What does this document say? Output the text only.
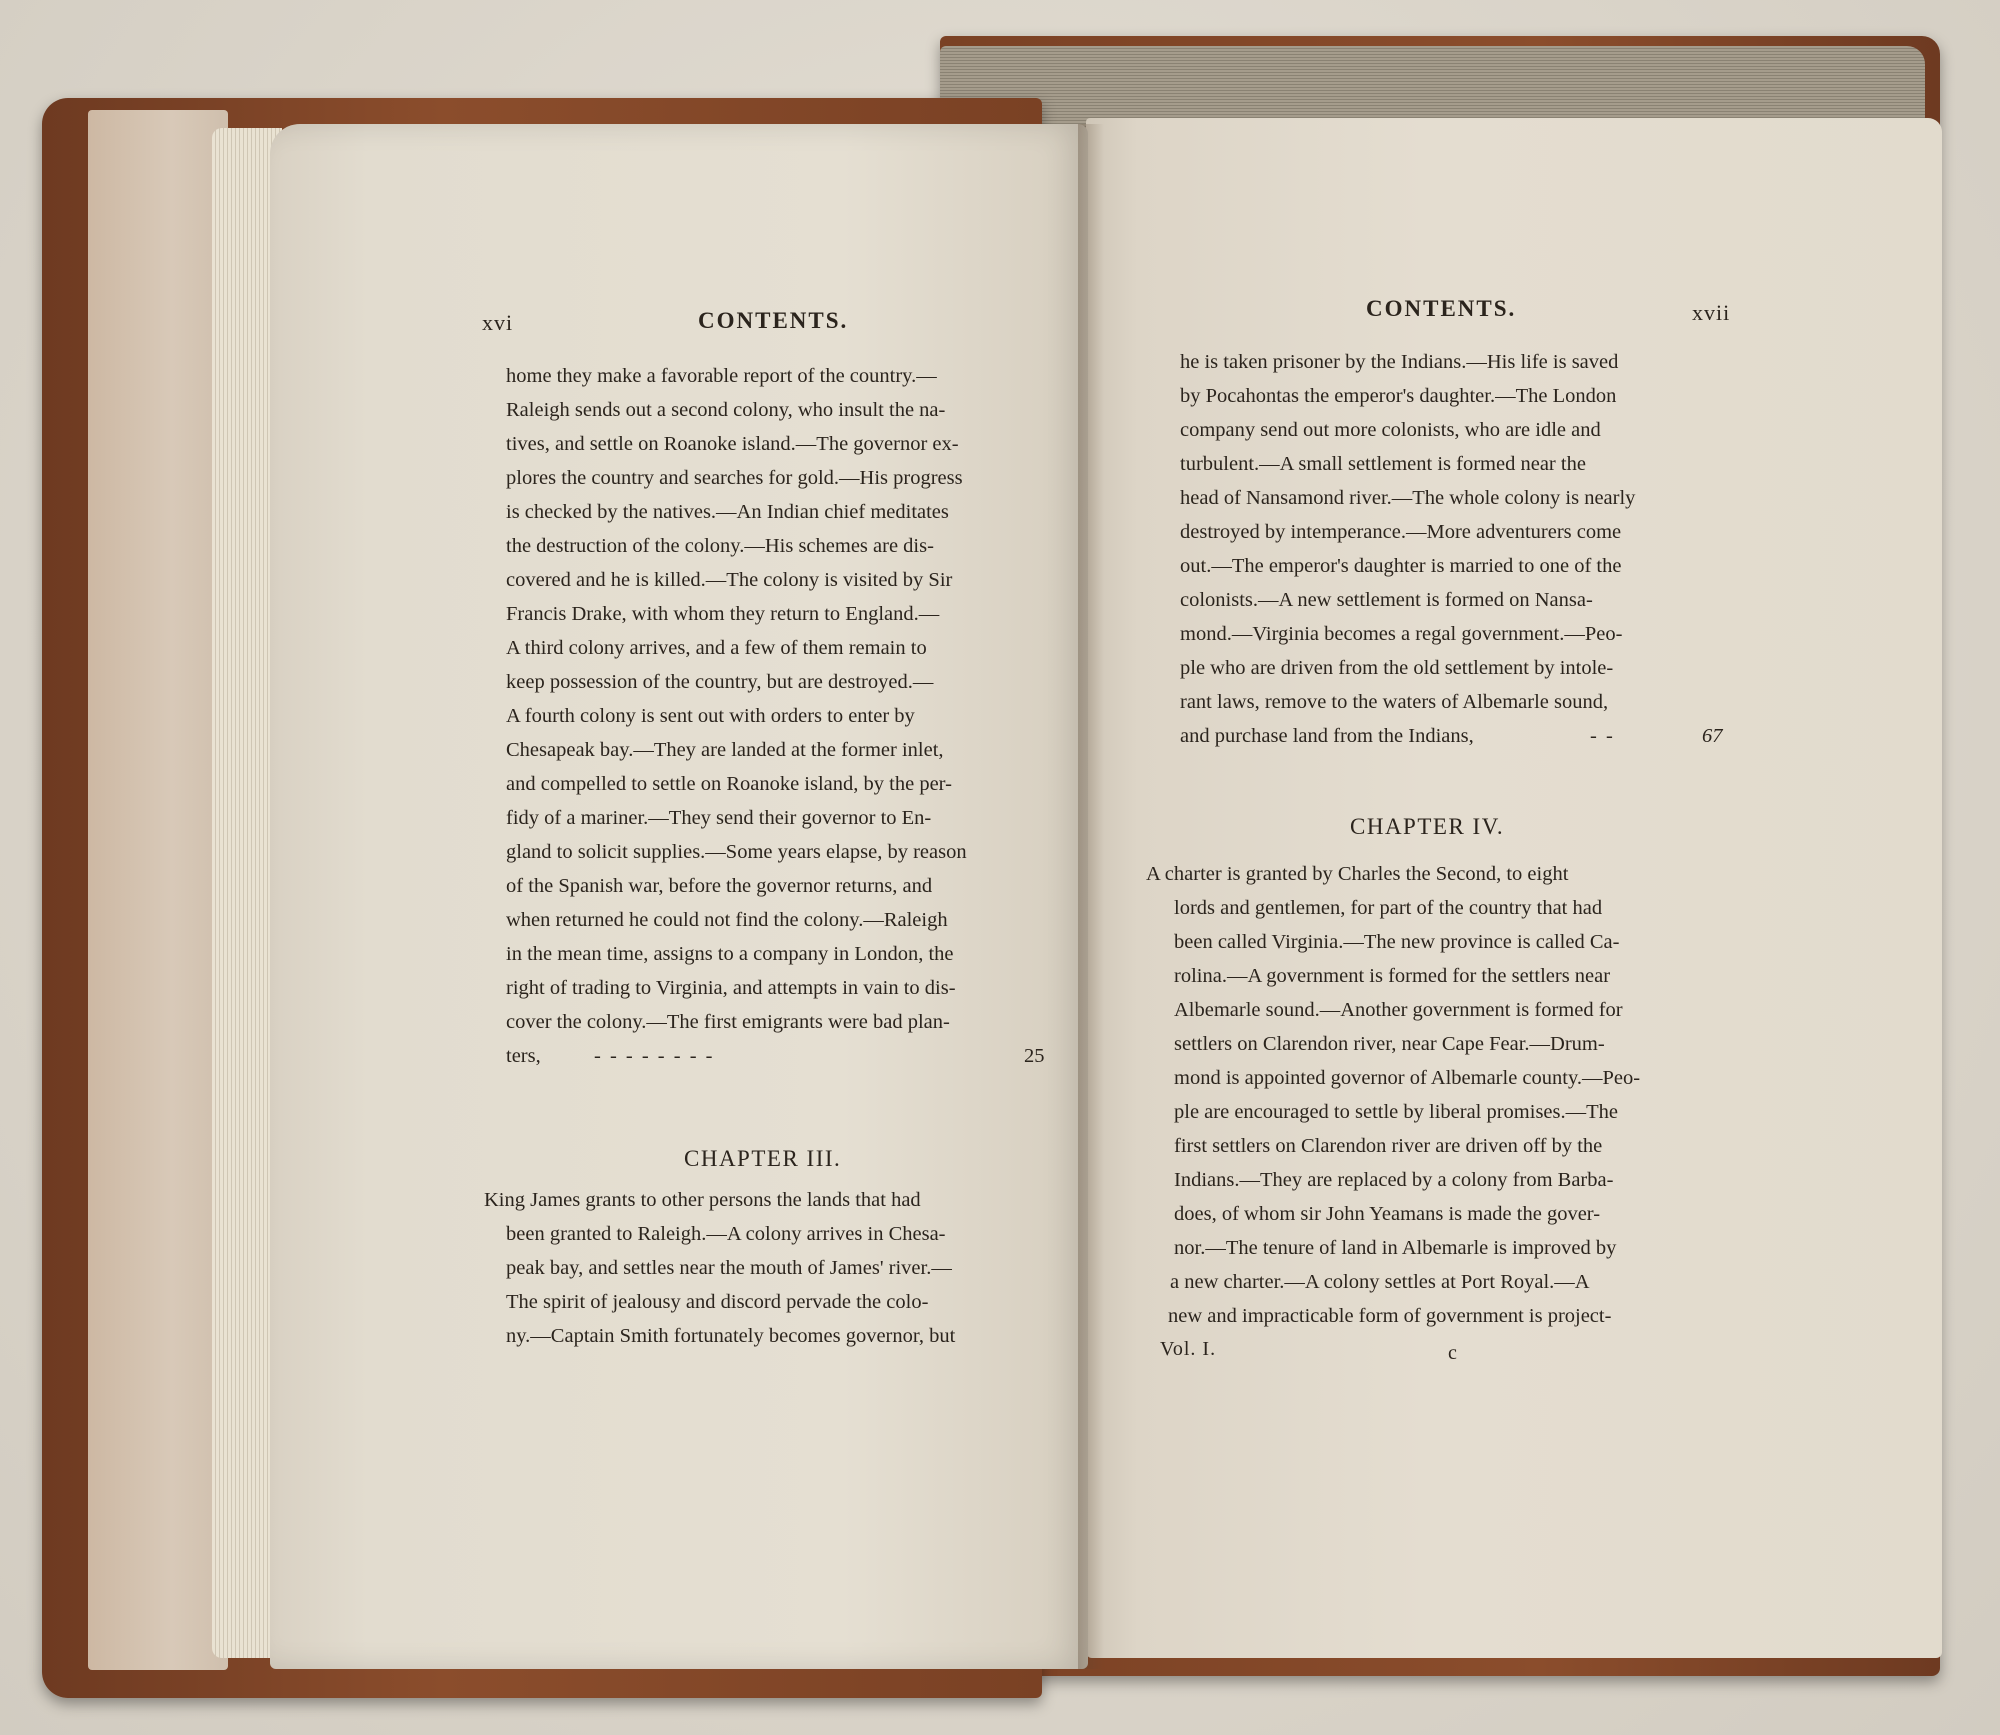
xvi	CONTENTS.
home they make a favorable report of the country.—
Raleigh sends out a second colony, who insult the na-
tives, and settle on Roanoke island.—The governor ex-
plores the country and searches for gold.—His progress
is checked by the natives.—An Indian chief meditates
the destruction of the colony.—His schemes are dis-
covered and he is killed.—The colony is visited by Sir
Francis Drake, with whom they return to England.—
A third colony arrives, and a few of them remain to
keep possession of the country, but are destroyed.—
A fourth colony is sent out with orders to enter by
Chesapeak bay.—They are landed at the former inlet,
and compelled to settle on Roanoke island, by the per-
fidy of a mariner.—They send their governor to En-
gland to solicit supplies.—Some years elapse, by reason
of the Spanish war, before the governor returns, and
when returned he could not find the colony.—Raleigh
in the mean time, assigns to a company in London, the
right of trading to Virginia, and attempts in vain to dis-
cover the colony.—The first emigrants were bad plan-
ters,	- - - - - - - -	25
CHAPTER III.
King James grants to other persons the lands that had
been granted to Raleigh.—A colony arrives in Chesa-
peak bay, and settles near the mouth of James' river.—
The spirit of jealousy and discord pervade the colo-
ny.—Captain Smith fortunately becomes governor, but
CONTENTS.	xvii
he is taken prisoner by the Indians.—His life is saved
by Pocahontas the emperor's daughter.—The London
company send out more colonists, who are idle and
turbulent.—A small settlement is formed near the
head of Nansamond river.—The whole colony is nearly
destroyed by intemperance.—More adventurers come
out.—The emperor's daughter is married to one of the
colonists.—A new settlement is formed on Nansa-
mond.—Virginia becomes a regal government.—Peo-
ple who are driven from the old settlement by intole-
rant laws, remove to the waters of Albemarle sound,
and purchase land from the Indians,	- -	67
CHAPTER IV.
A charter is granted by Charles the Second, to eight
lords and gentlemen, for part of the country that had
been called Virginia.—The new province is called Ca-
rolina.—A government is formed for the settlers near
Albemarle sound.—Another government is formed for
settlers on Clarendon river, near Cape Fear.—Drum-
mond is appointed governor of Albemarle county.—Peo-
ple are encouraged to settle by liberal promises.—The
first settlers on Clarendon river are driven off by the
Indians.—They are replaced by a colony from Barba-
does, of whom sir John Yeamans is made the gover-
nor.—The tenure of land in Albemarle is improved by
a new charter.—A colony settles at Port Royal.—A
new and impracticable form of government is project-
Vol. I.	c
